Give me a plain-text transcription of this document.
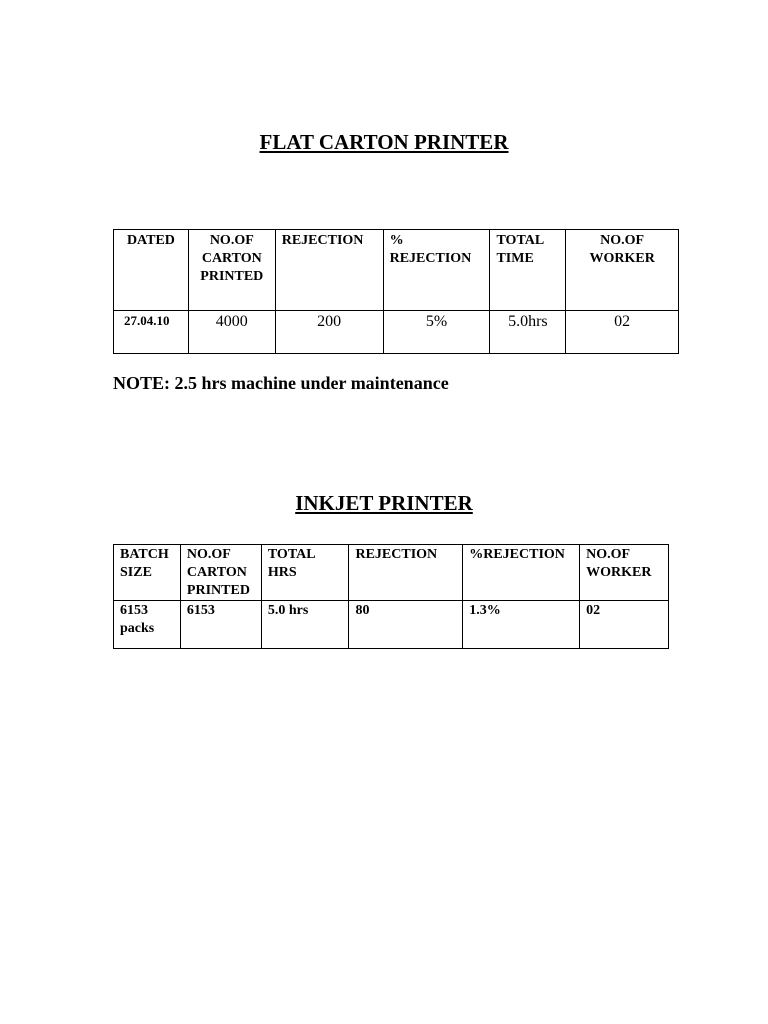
FLAT CARTON PRINTER
DATED	NO.OF CARTON PRINTED	REJECTION	% REJECTION	TOTAL TIME	NO.OF WORKER
27.04.10	4000	200	5%	5.0hrs	02

NOTE: 2.5 hrs machine under maintenance

INKJET PRINTER
BATCH SIZE	NO.OF CARTON PRINTED	TOTAL HRS	REJECTION	%REJECTION	NO.OF WORKER
6153 packs	6153	5.0 hrs	80	1.3%	02
